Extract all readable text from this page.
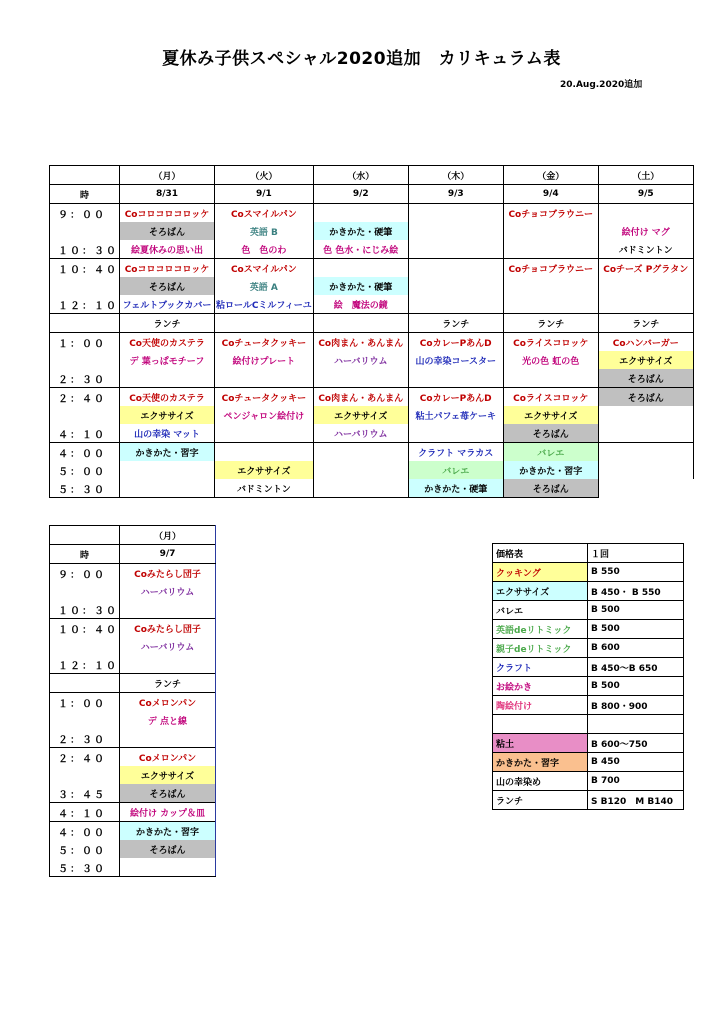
夏休み子供スペシャル2020追加　カリキュラム表
20.Aug.2020追加
	（月）	（火）	（水）	（木）	（金）	（土）
時	8/31	9/1	9/2	9/3	9/4	9/5
９：００	Coコロコロコロッケ	Coスマイルパン			Coチョコブラウニー	
	そろばん	英語 B	かきかた・硬筆			絵付け マグ
１０：３０	絵夏休みの思い出	色　色のわ	色 色水・にじみ絵			バドミントン
１０：４０	Coコロコロコロッケ	Coスマイルパン			Coチョコブラウニー	Coチーズ Pグラタン
	そろばん	英語 A	かきかた・硬筆			
１２：１０	フェルトブックカバー	粘ロールCミルフィーユ	絵　魔法の鏡			
	ランチ			ランチ	ランチ	ランチ
１：００	Co天使のカステラ	Coチュータクッキー	Co肉まん・あんまん	CoカレーPあんD	Coライスコロッケ	Coハンバーガー
	デ 葉っぱモチーフ	絵付けプレート	ハーバリウム	山の幸染コースター	光の色 虹の色	エクササイズ
２：３０						そろばん
２：４０	Co天使のカステラ	Coチュータクッキー	Co肉まん・あんまん	CoカレーPあんD	Coライスコロッケ	そろばん
	エクササイズ	ペンジャロン絵付け	エクササイズ	粘土パフェ苺ケーキ	エクササイズ	
４：１０	山の幸染 マット		ハーバリウム		そろばん	
４：００	かきかた・習字			クラフト マラカス	バレエ	
５：００		エクササイズ		バレエ	かきかた・習字	
５：３０		バドミントン		かきかた・硬筆	そろばん	
	（月）
時	9/7
９：００	Coみたらし団子
	ハーバリウム
１０：３０	
１０：４０	Coみたらし団子
	ハーバリウム
１２：１０	
	ランチ
１：００	Coメロンパン
	デ 点と線
２：３０	
２：４０	Coメロンパン
	エクササイズ
３：４５	そろばん
４：１０	絵付け カップ＆皿
４：００	かきかた・習字
５：００	そろばん
５：３０	
価格表	１回
クッキング	B 550
エクササイズ	B 450・ B 550
バレエ	B 500
英語deリトミック	B 500
親子deリトミック	B 600
クラフト	B 450～B 650
お絵かき	B 500
陶絵付け	B 800・900

粘土	B 600～750
かきかた・習字	B 450
山の幸染め	B 700
ランチ	S B120　M B140
